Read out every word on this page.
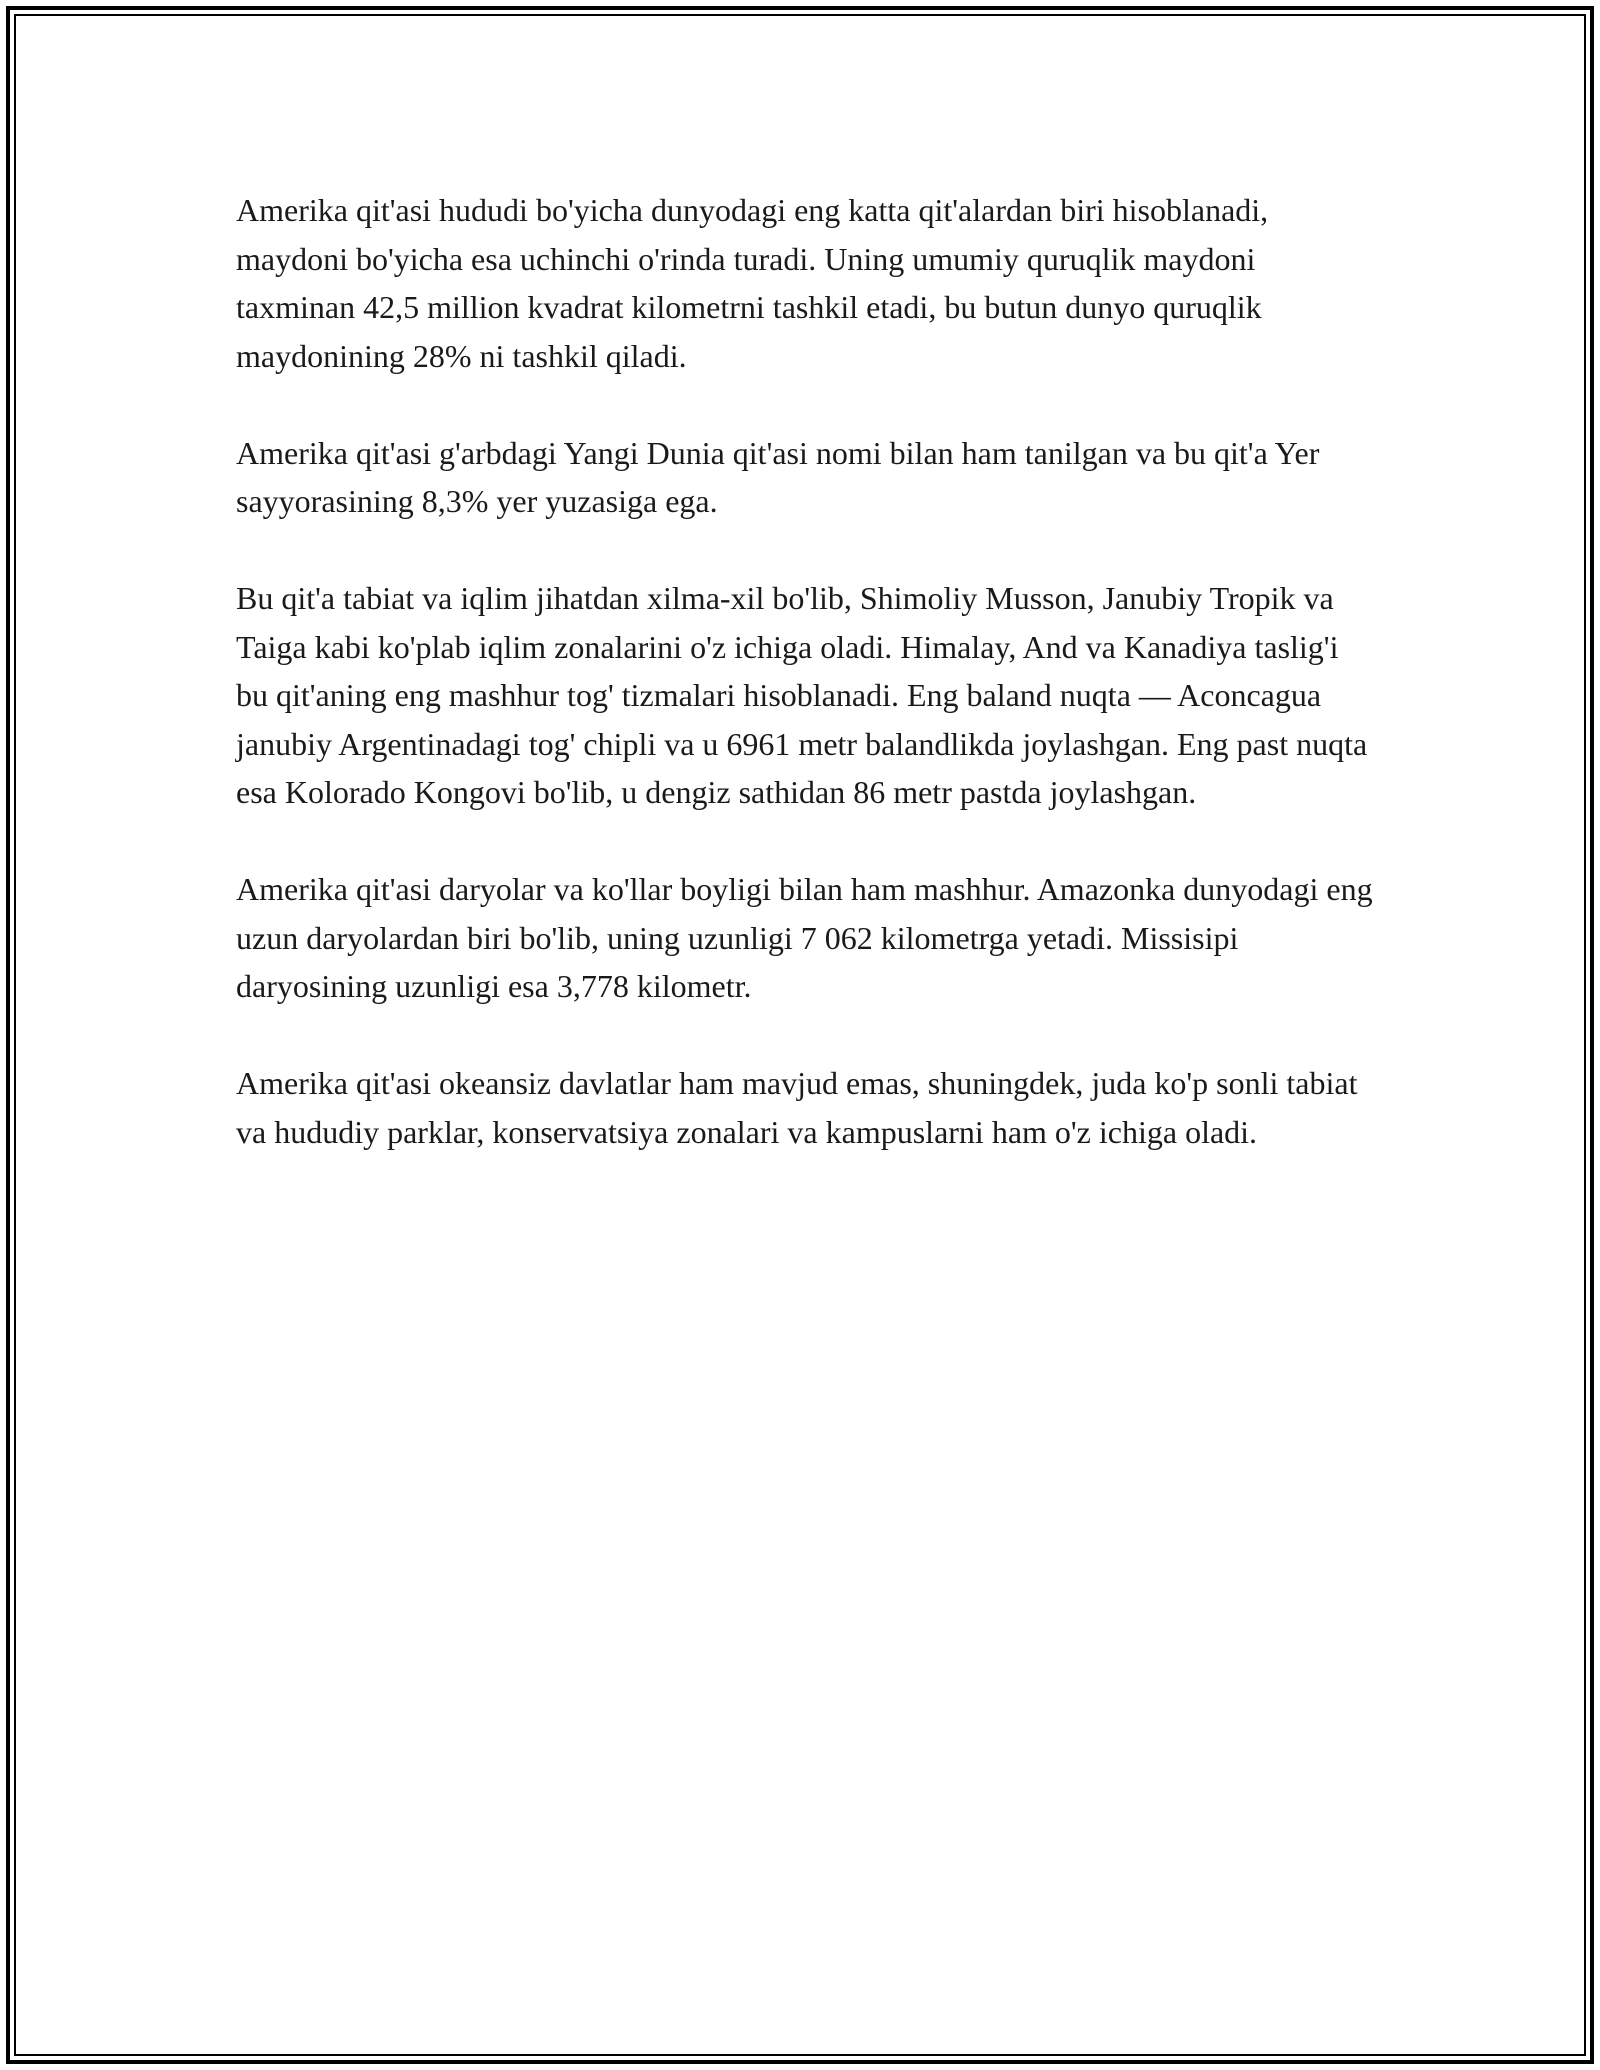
Amerika qit'asi hududi bo'yicha dunyodagi eng katta qit'alardan biri hisoblanadi, maydoni bo'yicha esa uchinchi o'rinda turadi. Uning umumiy quruqlik maydoni taxminan 42,5 million kvadrat kilometrni tashkil etadi, bu butun dunyo quruqlik maydonining 28% ni tashkil qiladi.

Amerika qit'asi g'arbdagi Yangi Dunia qit'asi nomi bilan ham tanilgan va bu qit'a Yer sayyorasining 8,3% yer yuzasiga ega.

Bu qit'a tabiat va iqlim jihatdan xilma-xil bo'lib, Shimoliy Musson, Janubiy Tropik va Taiga kabi ko'plab iqlim zonalarini o'z ichiga oladi. Himalay, And va Kanadiya taslig'i bu qit'aning eng mashhur tog' tizmalari hisoblanadi. Eng baland nuqta — Aconcagua janubiy Argentinadagi tog' chipli va u 6961 metr balandlikda joylashgan. Eng past nuqta esa Kolorado Kongovi bo'lib, u dengiz sathidan 86 metr pastda joylashgan.

Amerika qit'asi daryolar va ko'llar boyligi bilan ham mashhur. Amazonka dunyodagi eng uzun daryolardan biri bo'lib, uning uzunligi 7 062 kilometrga yetadi. Missisipi daryosining uzunligi esa 3,778 kilometr.

Amerika qit'asi okeansiz davlatlar ham mavjud emas, shuningdek, juda ko'p sonli tabiat va hududiy parklar, konservatsiya zonalari va kampuslarni ham o'z ichiga oladi.
